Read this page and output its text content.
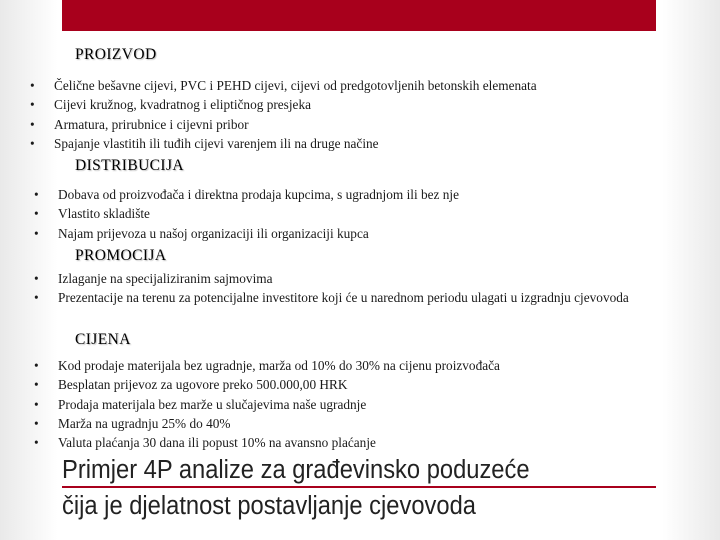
PROIZVOD
• Čelične bešavne cijevi, PVC i PEHD cijevi, cijevi od predgotovljenih betonskih elemenata
• Cijevi kružnog, kvadratnog i eliptičnog presjeka
• Armatura, prirubnice i cijevni pribor
• Spajanje vlastitih ili tuđih cijevi varenjem ili na druge načine
DISTRIBUCIJA
• Dobava od proizvođača i direktna prodaja kupcima, s ugradnjom ili bez nje
• Vlastito skladište
• Najam prijevoza u našoj organizaciji ili organizaciji kupca
PROMOCIJA
• Izlaganje na specijaliziranim sajmovima
• Prezentacije na terenu za potencijalne investitore koji će u narednom periodu ulagati u izgradnju cjevovoda
CIJENA
• Kod prodaje materijala bez ugradnje, marža od 10% do 30% na cijenu proizvođača
• Besplatan prijevoz za ugovore preko 500.000,00 HRK
• Prodaja materijala bez marže u slučajevima naše ugradnje
• Marža na ugradnju 25% do 40%
• Valuta plaćanja 30 dana ili popust 10% na avansno plaćanje
Primjer 4P analize za građevinsko poduzeće
čija je djelatnost postavljanje cjevovoda
